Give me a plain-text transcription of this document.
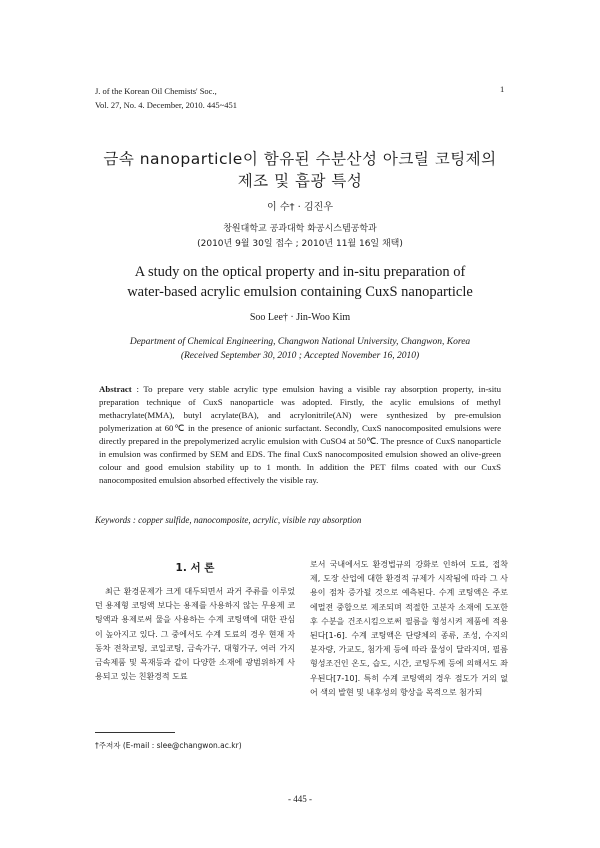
J. of the Korean Oil Chemists' Soc.,
Vol. 27, No. 4. December, 2010. 445~451
1
금속 nanoparticle이 함유된 수분산성 아크릴 코팅제의
제조 및 흡광 특성
이 수† · 김진우
창원대학교 공과대학 화공시스템공학과
(2010년 9월 30일 접수 ; 2010년 11월 16일 채택)
A study on the optical property and in-situ preparation of
water-based acrylic emulsion containing CuxS nanoparticle
Soo Lee† · Jin-Woo Kim
Department of Chemical Engineering, Changwon National University, Changwon, Korea
(Received September 30, 2010 ; Accepted November 16, 2010)
Abstract : To prepare very stable acrylic type emulsion having a visible ray absorption property, in-situ preparation technique of CuxS nanoparticle was adopted. Firstly, the acylic emulsions of methyl methacrylate(MMA), butyl acrylate(BA), and acrylonitrile(AN) were synthesized by pre-emulsion polymerization at 60℃ in the presence of anionic surfactant. Secondly, CuxS nanocomposited emulsions were directly prepared in the prepolymerized acrylic emulsion with CuSO4 at 50℃. The presnce of CuxS nanoparticle in emulsion was confirmed by SEM and EDS. The final CuxS nanocomposited emulsion showed an olive-green colour and good emulsion stability up to 1 month. In addition the PET films coated with our CuxS nanocomposited emulsion absorbed effectively the visible ray.
Keywords : copper sulfide, nanocomposite, acrylic, visible ray absorption
1. 서 론
최근 환경문제가 크게 대두되면서 과거 주류를 이루었던 용제형 코팅액 보다는 용제를 사용하지 않는 무용제 코팅액과 용제로써 물을 사용하는 수계 코팅액에 대한 관심이 높아지고 있다. 그 중에서도 수계 도료의 경우 현재 자동차 전착코팅, 코일코팅, 금속가구, 대형가구, 여러 가지 금속제품 및 목재등과 같이 다양한 소재에 광범위하게 사용되고 있는 친환경적 도료
로서 국내에서도 환경법규의 강화로 인하여 도료, 접착제, 도장 산업에 대한 환경적 규제가 시작됨에 따라 그 사용이 점차 증가될 것으로 예측된다. 수계 코팅액은 주로 에멀전 중합으로 제조되며 적절한 고분자 소재에 도포한 후 수분을 건조시킴으로써 필름을 형성시켜 제품에 적용된다[1-6]. 수계 코팅액은 단량체의 종류, 조성, 수지의 분자량, 가교도, 첨가제 등에 따라 물성이 달라지며, 필름 형성조건인 온도, 습도, 시간, 코팅두께 등에 의해서도 좌우된다[7-10]. 특히 수계 코팅액의 경우 점도가 거의 없어 색의 발현 및 내후성의 향상을 목적으로 첨가되
†주저자 (E-mail : slee@changwon.ac.kr)
- 445 -
